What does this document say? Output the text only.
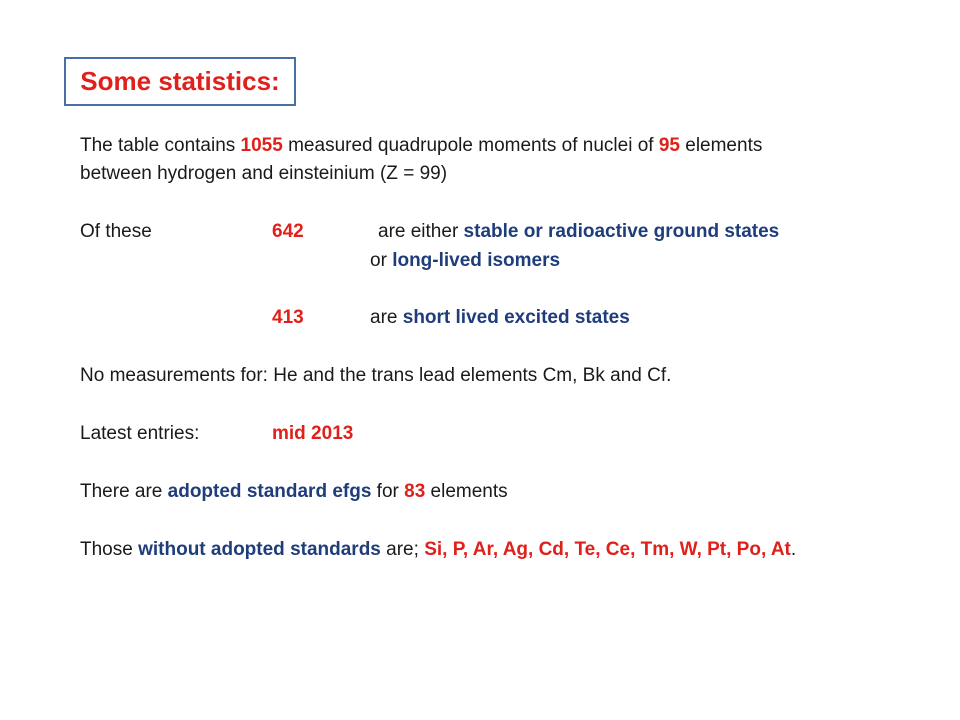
Some statistics:
The table contains 1055 measured quadrupole moments of nuclei of 95 elements
between hydrogen and einsteinium (Z = 99)
Of these	642	are either stable or radioactive ground states
or long-lived isomers
413	are short lived excited states
No measurements for: He and the trans lead elements Cm, Bk and Cf.
Latest entries:	mid 2013
There are adopted standard efgs for 83 elements
Those without adopted standards are; Si, P, Ar, Ag, Cd, Te, Ce, Tm, W, Pt, Po, At.
